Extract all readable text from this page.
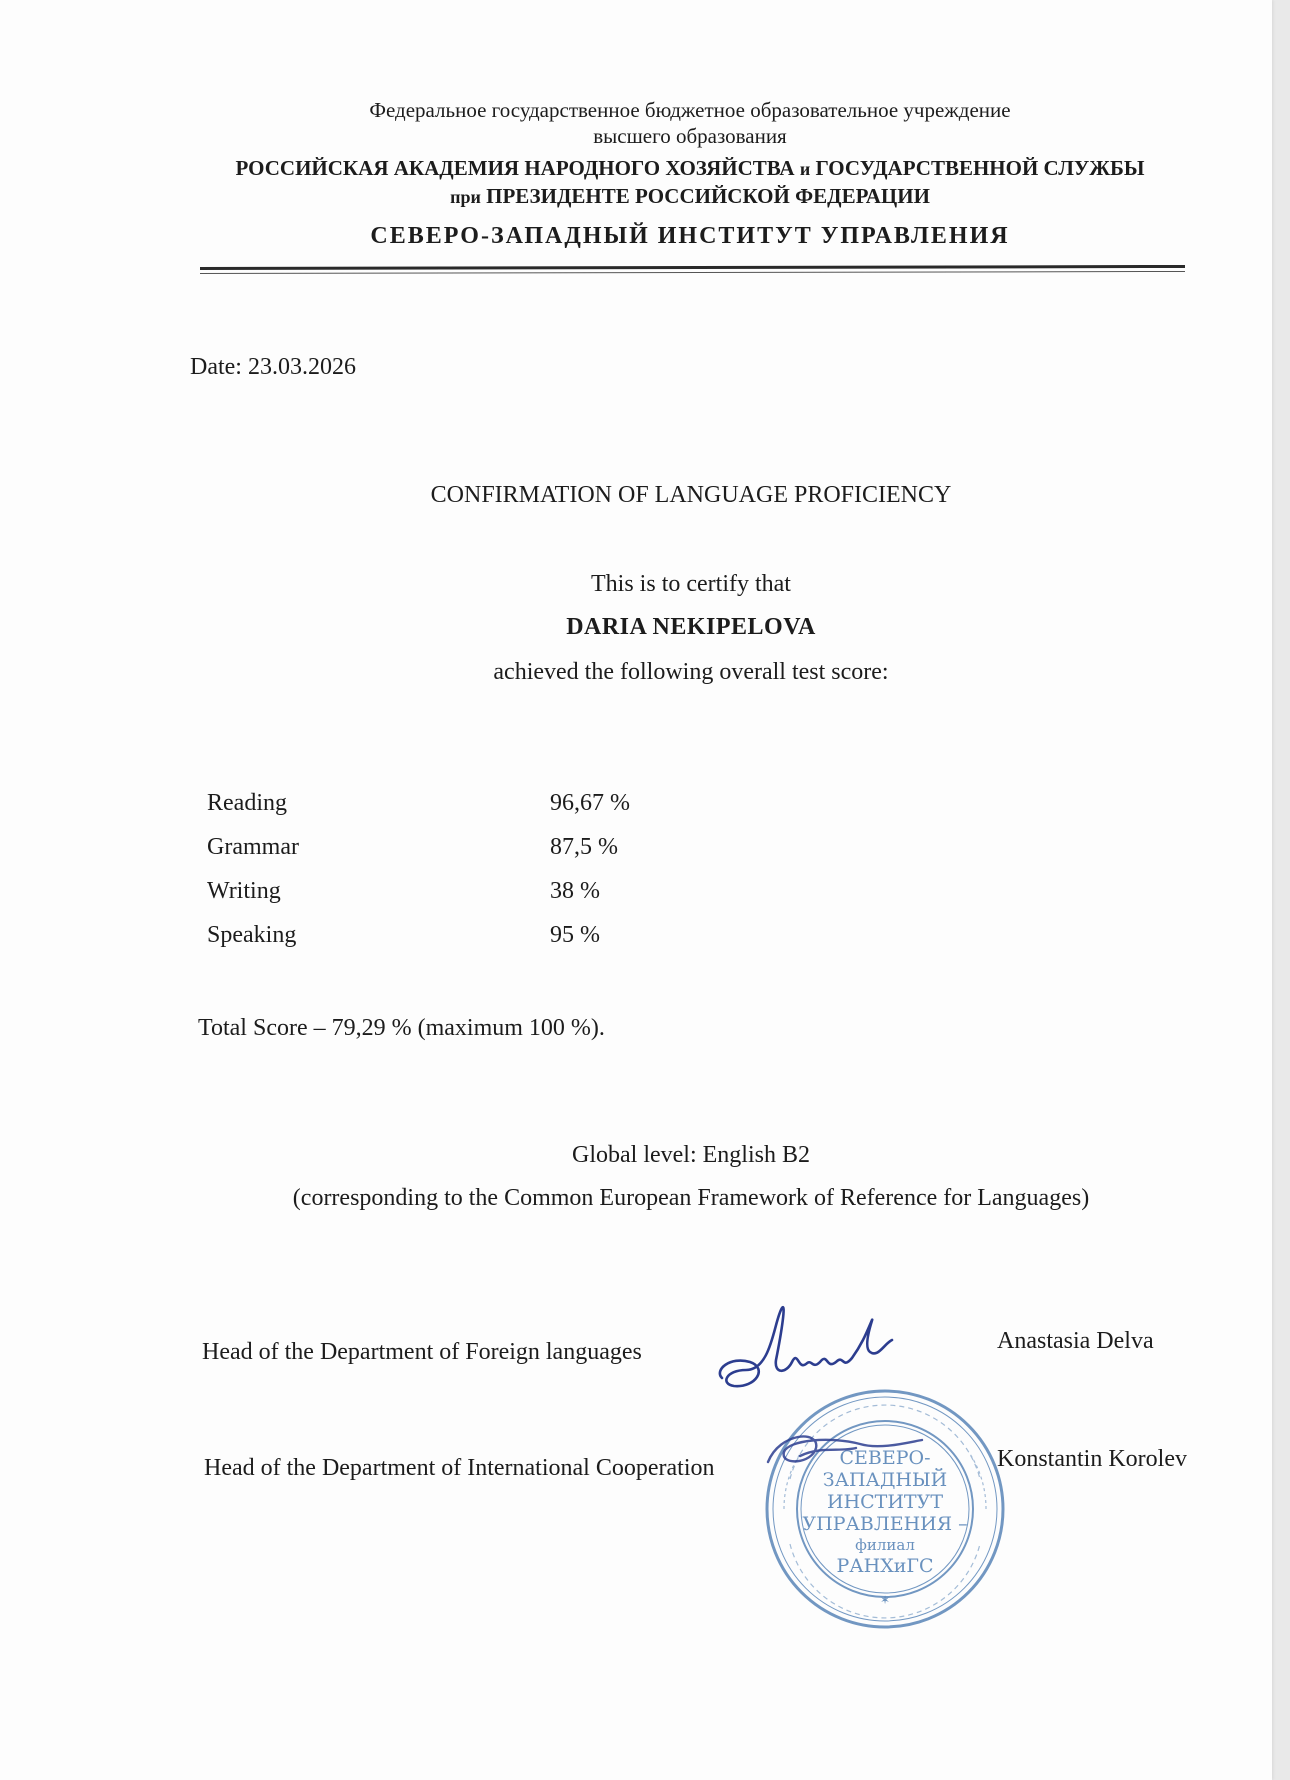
Федеральное государственное бюджетное образовательное учреждение
высшего образования
РОССИЙСКАЯ АКАДЕМИЯ НАРОДНОГО ХОЗЯЙСТВА и ГОСУДАРСТВЕННОЙ СЛУЖБЫ
при ПРЕЗИДЕНТЕ РОССИЙСКОЙ ФЕДЕРАЦИИ
СЕВЕРО-ЗАПАДНЫЙ ИНСТИТУТ УПРАВЛЕНИЯ
Date: 23.03.2026
CONFIRMATION OF LANGUAGE PROFICIENCY
This is to certify that
DARIA NEKIPELOVA
achieved the following overall test score:
Reading	96,67 %
Grammar	87,5 %
Writing	38 %
Speaking	95 %
Total Score – 79,29 % (maximum 100 %).
Global level: English B2
(corresponding to the Common European Framework of Reference for Languages)
Head of the Department of Foreign languages	Anastasia Delva
Head of the Department of International Cooperation	Konstantin Korolev
СЕВЕРО-
ЗАПАДНЫЙ
ИНСТИТУТ
УПРАВЛЕНИЯ –
филиал
РАНХиГС
✶
